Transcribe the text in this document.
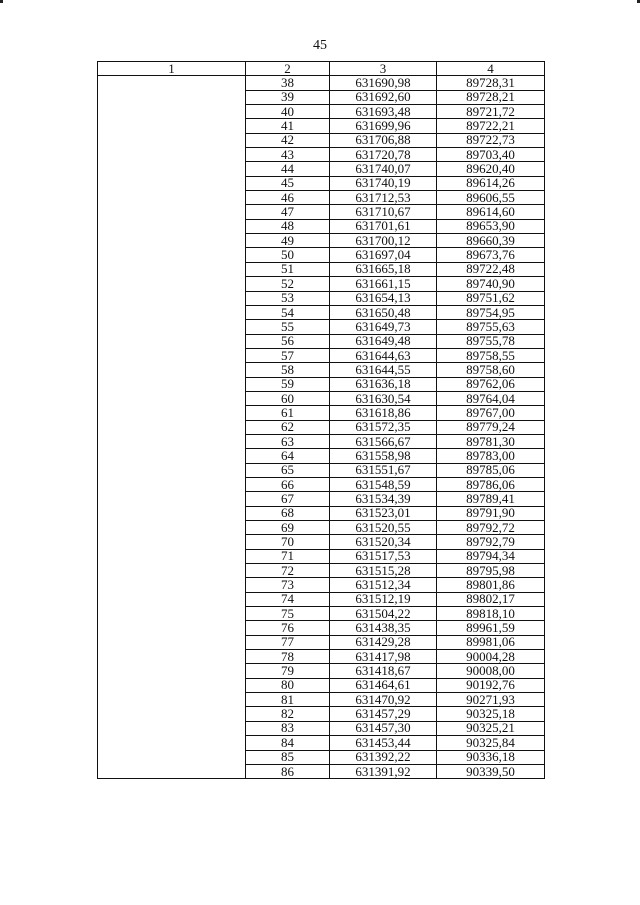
45
1	2	3	4
	38	631690,98	89728,31
	39	631692,60	89728,21
	40	631693,48	89721,72
	41	631699,96	89722,21
	42	631706,88	89722,73
	43	631720,78	89703,40
	44	631740,07	89620,40
	45	631740,19	89614,26
	46	631712,53	89606,55
	47	631710,67	89614,60
	48	631701,61	89653,90
	49	631700,12	89660,39
	50	631697,04	89673,76
	51	631665,18	89722,48
	52	631661,15	89740,90
	53	631654,13	89751,62
	54	631650,48	89754,95
	55	631649,73	89755,63
	56	631649,48	89755,78
	57	631644,63	89758,55
	58	631644,55	89758,60
	59	631636,18	89762,06
	60	631630,54	89764,04
	61	631618,86	89767,00
	62	631572,35	89779,24
	63	631566,67	89781,30
	64	631558,98	89783,00
	65	631551,67	89785,06
	66	631548,59	89786,06
	67	631534,39	89789,41
	68	631523,01	89791,90
	69	631520,55	89792,72
	70	631520,34	89792,79
	71	631517,53	89794,34
	72	631515,28	89795,98
	73	631512,34	89801,86
	74	631512,19	89802,17
	75	631504,22	89818,10
	76	631438,35	89961,59
	77	631429,28	89981,06
	78	631417,98	90004,28
	79	631418,67	90008,00
	80	631464,61	90192,76
	81	631470,92	90271,93
	82	631457,29	90325,18
	83	631457,30	90325,21
	84	631453,44	90325,84
	85	631392,22	90336,18
	86	631391,92	90339,50
